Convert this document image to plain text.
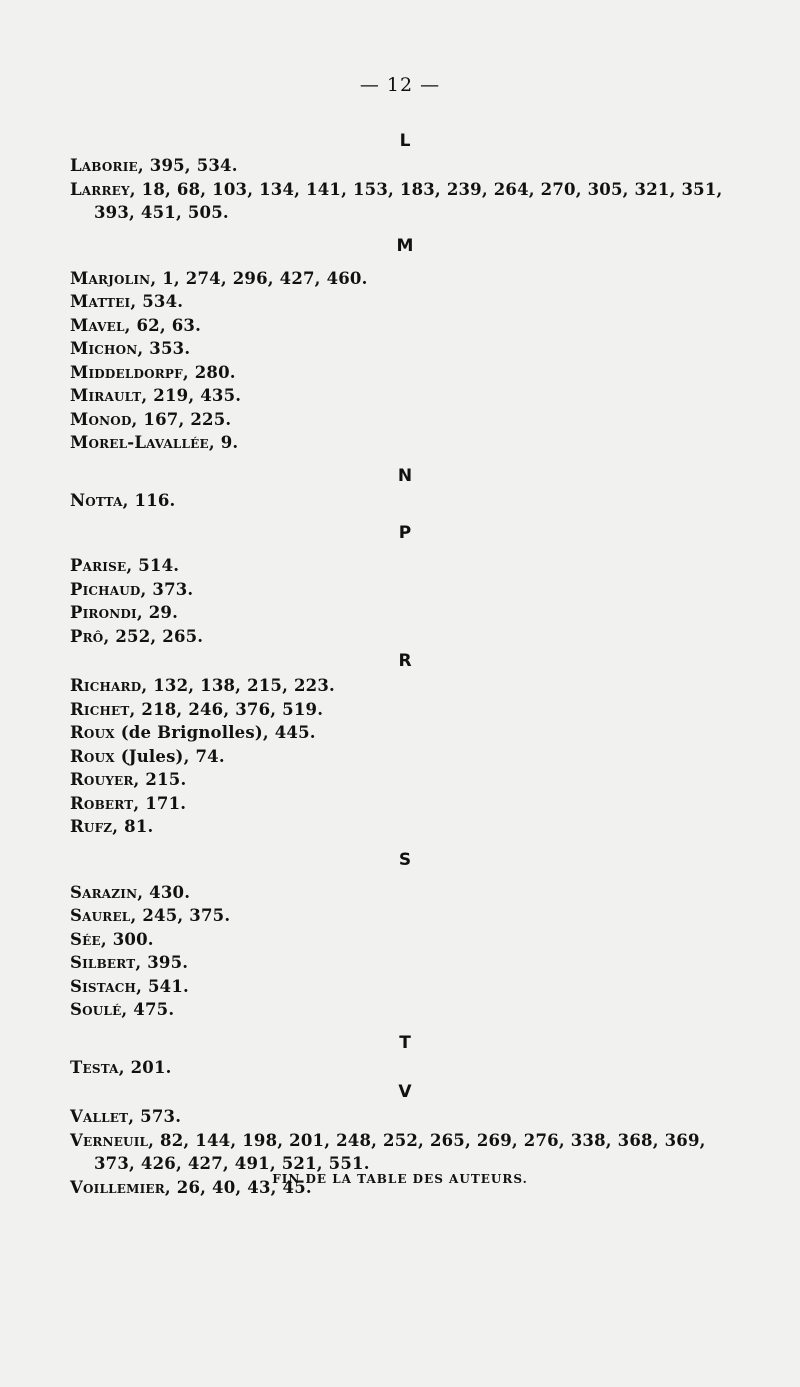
— 12 —
L
Laborie, 395, 534.
Larrey, 18, 68, 103, 134, 141, 153, 183, 239, 264, 270, 305, 321, 351, 393, 451, 505.
M
Marjolin, 1, 274, 296, 427, 460.
Mattei, 534.
Mavel, 62, 63.
Michon, 353.
Middeldorpf, 280.
Mirault, 219, 435.
Monod, 167, 225.
Morel-Lavallée, 9.
N
Notta, 116.
P
Parise, 514.
Pichaud, 373.
Pirondi, 29.
Prô, 252, 265.
R
Richard, 132, 138, 215, 223.
Richet, 218, 246, 376, 519.
Roux (de Brignolles), 445.
Roux (Jules), 74.
Rouyer, 215.
Robert, 171.
Rufz, 81.
S
Sarazin, 430.
Saurel, 245, 375.
Sée, 300.
Silbert, 395.
Sistach, 541.
Soulé, 475.
T
Testa, 201.
V
Vallet, 573.
Verneuil, 82, 144, 198, 201, 248, 252, 265, 269, 276, 338, 368, 369, 373, 426, 427, 491, 521, 551.
Voillemier, 26, 40, 43, 45.
FIN DE LA TABLE DES AUTEURS.
